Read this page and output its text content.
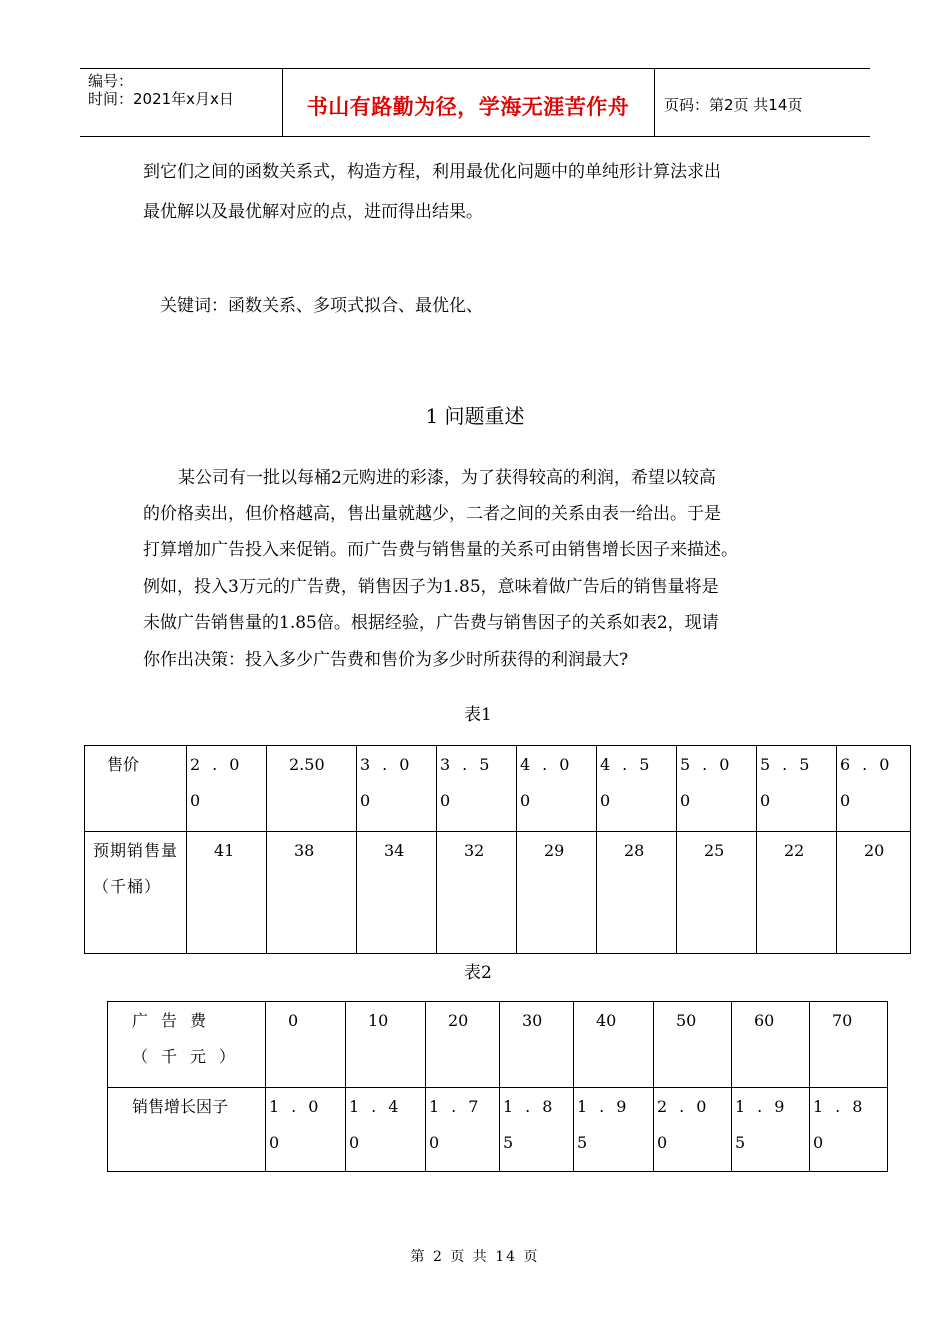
编号：
时间：2021年x月x日	书山有路勤为径，学海无涯苦作舟	页码：第2页 共14页

到它们之间的函数关系式，构造方程，利用最优化问题中的单纯形计算法求出

最优解以及最优解对应的点，进而得出结果。

关键词：函数关系、多项式拟合、最优化、

1 问题重述

某公司有一批以每桶2元购进的彩漆，为了获得较高的利润，希望以较高

的价格卖出，但价格越高，售出量就越少，二者之间的关系由表一给出。于是

打算增加广告投入来促销。而广告费与销售量的关系可由销售增长因子来描述。

例如，投入3万元的广告费，销售因子为1.85，意味着做广告后的销售量将是

未做广告销售量的1.85倍。根据经验，广告费与销售因子的关系如表2，现请

你作出决策：投入多少广告费和售价为多少时所获得的利润最大?

表1
售价	2.00	2.50	3.00	3.50	4.00	4.50	5.00	5.50	6.00
预期销售量（千桶）	41	38	34	32	29	28	25	22	20
表2
广告费（千元）	0	10	20	30	40	50	60	70
销售增长因子	1.00	1.40	1.70	1.85	1.95	2.00	1.95	1.80
第 2 页 共 14 页
